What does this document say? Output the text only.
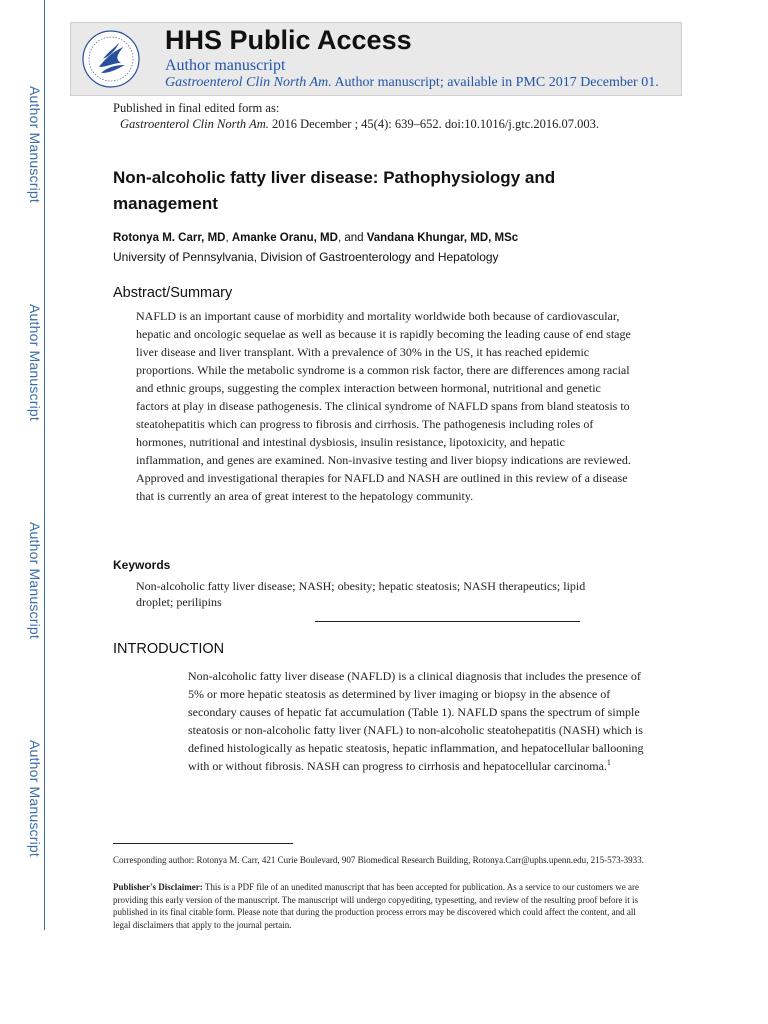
Author Manuscript
Author Manuscript
Author Manuscript
Author Manuscript
HHS Public Access
Author manuscript
Gastroenterol Clin North Am. Author manuscript; available in PMC 2017 December 01.
Published in final edited form as:
Gastroenterol Clin North Am. 2016 December ; 45(4): 639–652. doi:10.1016/j.gtc.2016.07.003.
Non-alcoholic fatty liver disease: Pathophysiology and management
Rotonya M. Carr, MD, Amanke Oranu, MD, and Vandana Khungar, MD, MSc
University of Pennsylvania, Division of Gastroenterology and Hepatology
Abstract/Summary
NAFLD is an important cause of morbidity and mortality worldwide both because of cardiovascular, hepatic and oncologic sequelae as well as because it is rapidly becoming the leading cause of end stage liver disease and liver transplant. With a prevalence of 30% in the US, it has reached epidemic proportions. While the metabolic syndrome is a common risk factor, there are differences among racial and ethnic groups, suggesting the complex interaction between hormonal, nutritional and genetic factors at play in disease pathogenesis. The clinical syndrome of NAFLD spans from bland steatosis to steatohepatitis which can progress to fibrosis and cirrhosis. The pathogenesis including roles of hormones, nutritional and intestinal dysbiosis, insulin resistance, lipotoxicity, and hepatic inflammation, and genes are examined. Non-invasive testing and liver biopsy indications are reviewed. Approved and investigational therapies for NAFLD and NASH are outlined in this review of a disease that is currently an area of great interest to the hepatology community.
Keywords
Non-alcoholic fatty liver disease; NASH; obesity; hepatic steatosis; NASH therapeutics; lipid droplet; perilipins
INTRODUCTION
Non-alcoholic fatty liver disease (NAFLD) is a clinical diagnosis that includes the presence of 5% or more hepatic steatosis as determined by liver imaging or biopsy in the absence of secondary causes of hepatic fat accumulation (Table 1). NAFLD spans the spectrum of simple steatosis or non-alcoholic fatty liver (NAFL) to non-alcoholic steatohepatitis (NASH) which is defined histologically as hepatic steatosis, hepatic inflammation, and hepatocellular ballooning with or without fibrosis. NASH can progress to cirrhosis and hepatocellular carcinoma.$^1$
Corresponding author: Rotonya M. Carr, 421 Curie Boulevard, 907 Biomedical Research Building, Rotonya.Carr@uphs.upenn.edu, 215-573-3933.
Publisher's Disclaimer: This is a PDF file of an unedited manuscript that has been accepted for publication. As a service to our customers we are providing this early version of the manuscript. The manuscript will undergo copyediting, typesetting, and review of the resulting proof before it is published in its final citable form. Please note that during the production process errors may be discovered which could affect the content, and all legal disclaimers that apply to the journal pertain.
